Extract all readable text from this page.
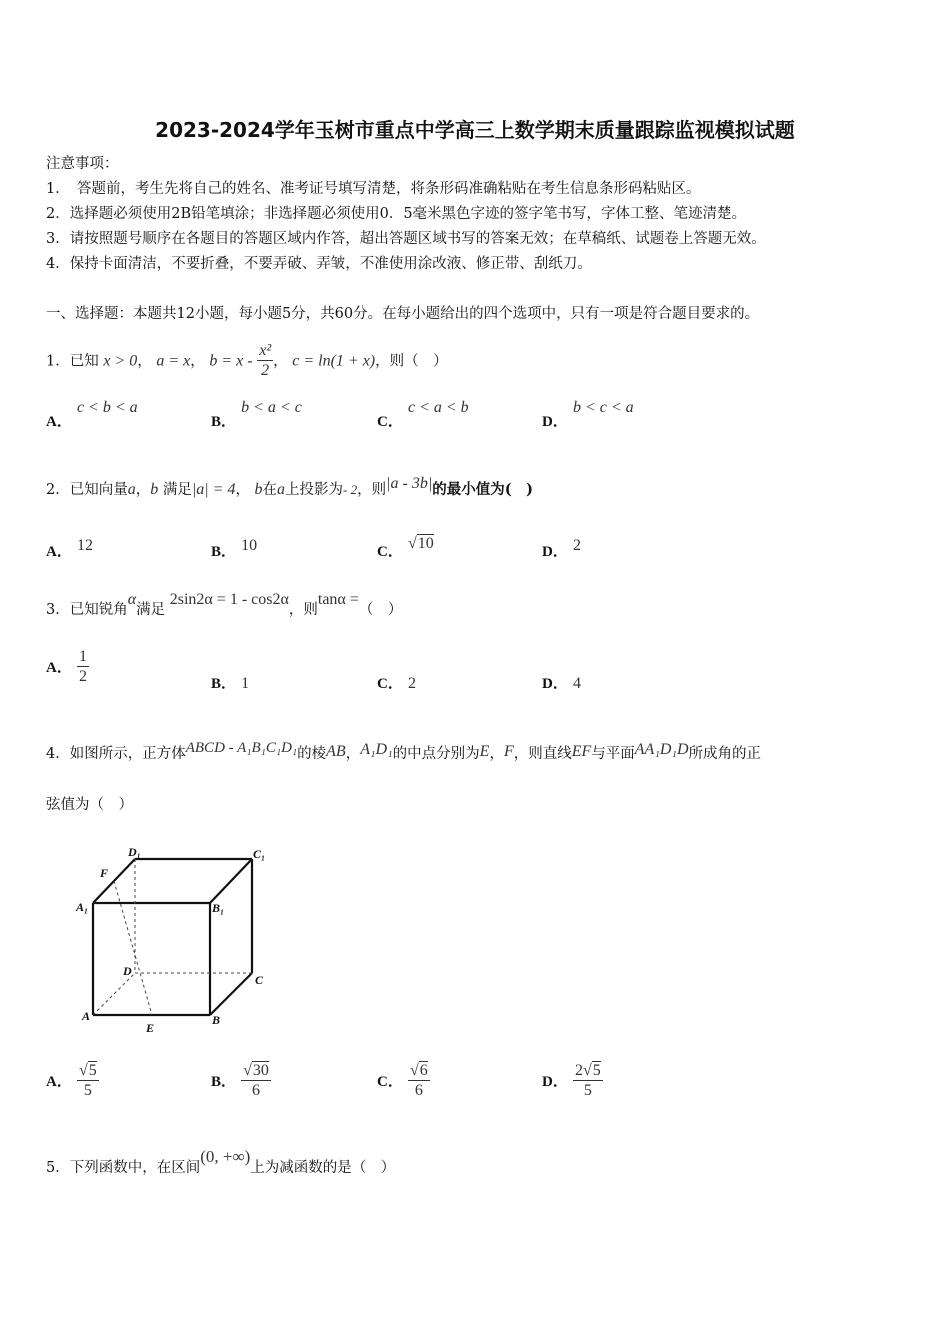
2023-2024学年玉树市重点中学高三上数学期末质量跟踪监视模拟试题
注意事项：
1．　答题前，考生先将自己的姓名、准考证号填写清楚，将条形码准确粘贴在考生信息条形码粘贴区。
2．选择题必须使用2B铅笔填涂；非选择题必须使用0．5毫米黑色字迹的签字笔书写，字体工整、笔迹清楚。
3．请按照题号顺序在各题目的答题区域内作答，超出答题区域书写的答案无效；在草稿纸、试题卷上答题无效。
4．保持卡面清洁，不要折叠，不要弄破、弄皱，不准使用涂改液、修正带、刮纸刀。
一、选择题：本题共12小题，每小题5分，共60分。在每小题给出的四个选项中，只有一项是符合题目要求的。
1．已知 x > 0， a = x， $b = x - \frac{\text{x²}}{2}$ ， c = ln(1 + x)，则（　）
A． c < b < a
B． b < a < c
C． c < a < b
D． b < c < a
2．已知向量a，b 满足|a| = 4， b在a上投影为- 2，则|a - 3b|的最小值为(　)
A． 12	B． 10	C． √10	D． 2
3．已知锐角α满足 2sin2α = 1 - cos2α，则tanα =（　）
A． $\frac{1}{2}$	B． 1	C． 2	D． 4
4．如图所示，正方体ABCD - A₁B₁C₁D₁的棱AB，A₁D₁的中点分别为E，F，则直线EF与平面AA₁D₁D所成角的正
弦值为（　）
D₁	C₁
F
A₁	B₁
D
C
A	B
E
A． $\frac{√5}{5}$	B． $\frac{√30}{6}$	C． $\frac{√6}{6}$	D． $\frac{2√5}{5}$
5．下列函数中，在区间(0, +∞)上为减函数的是（　）
